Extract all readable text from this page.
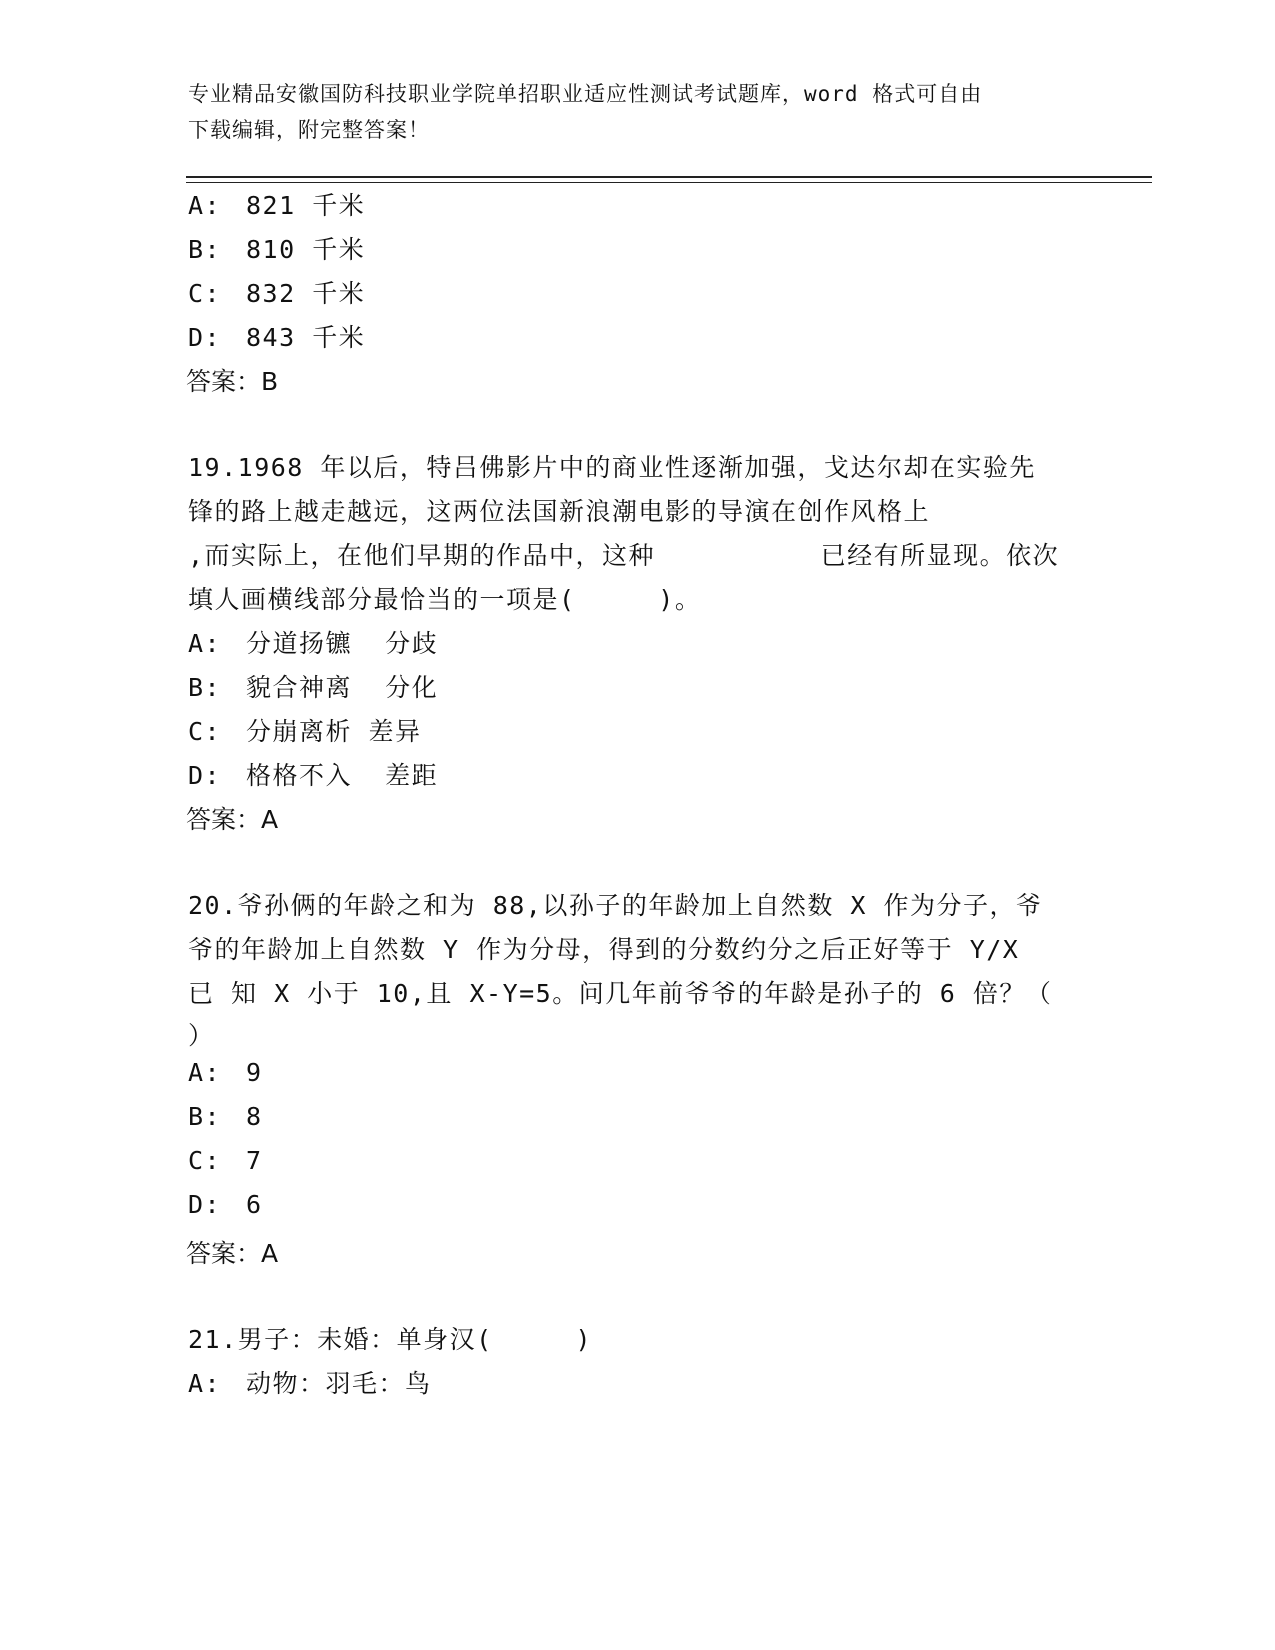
专业精品安徽国防科技职业学院单招职业适应性测试考试题库，word 格式可自由
下载编辑，附完整答案！
A: 821 千米
B: 810 千米
C: 832 千米
D: 843 千米
答案：B
19.1968 年以后，特吕佛影片中的商业性逐渐加强，戈达尔却在实验先
锋的路上越走越远，这两位法国新浪潮电影的导演在创作风格上
,而实际上，在他们早期的作品中，这种          已经有所显现。依次
填人画横线部分最恰当的一项是(     )。
A: 分道扬镳  分歧
B: 貌合神离  分化
C: 分崩离析 差异
D: 格格不入  差距
答案：A
20.爷孙俩的年龄之和为 88,以孙子的年龄加上自然数 X 作为分子，爷
爷的年龄加上自然数 Y 作为分母，得到的分数约分之后正好等于 Y/X
已 知 X 小于 10,且 X-Y=5。问几年前爷爷的年龄是孙子的 6 倍？（
）
A: 9
B: 8
C: 7
D: 6
答案：A
21.男子：未婚：单身汉(     )
A: 动物：羽毛：鸟
